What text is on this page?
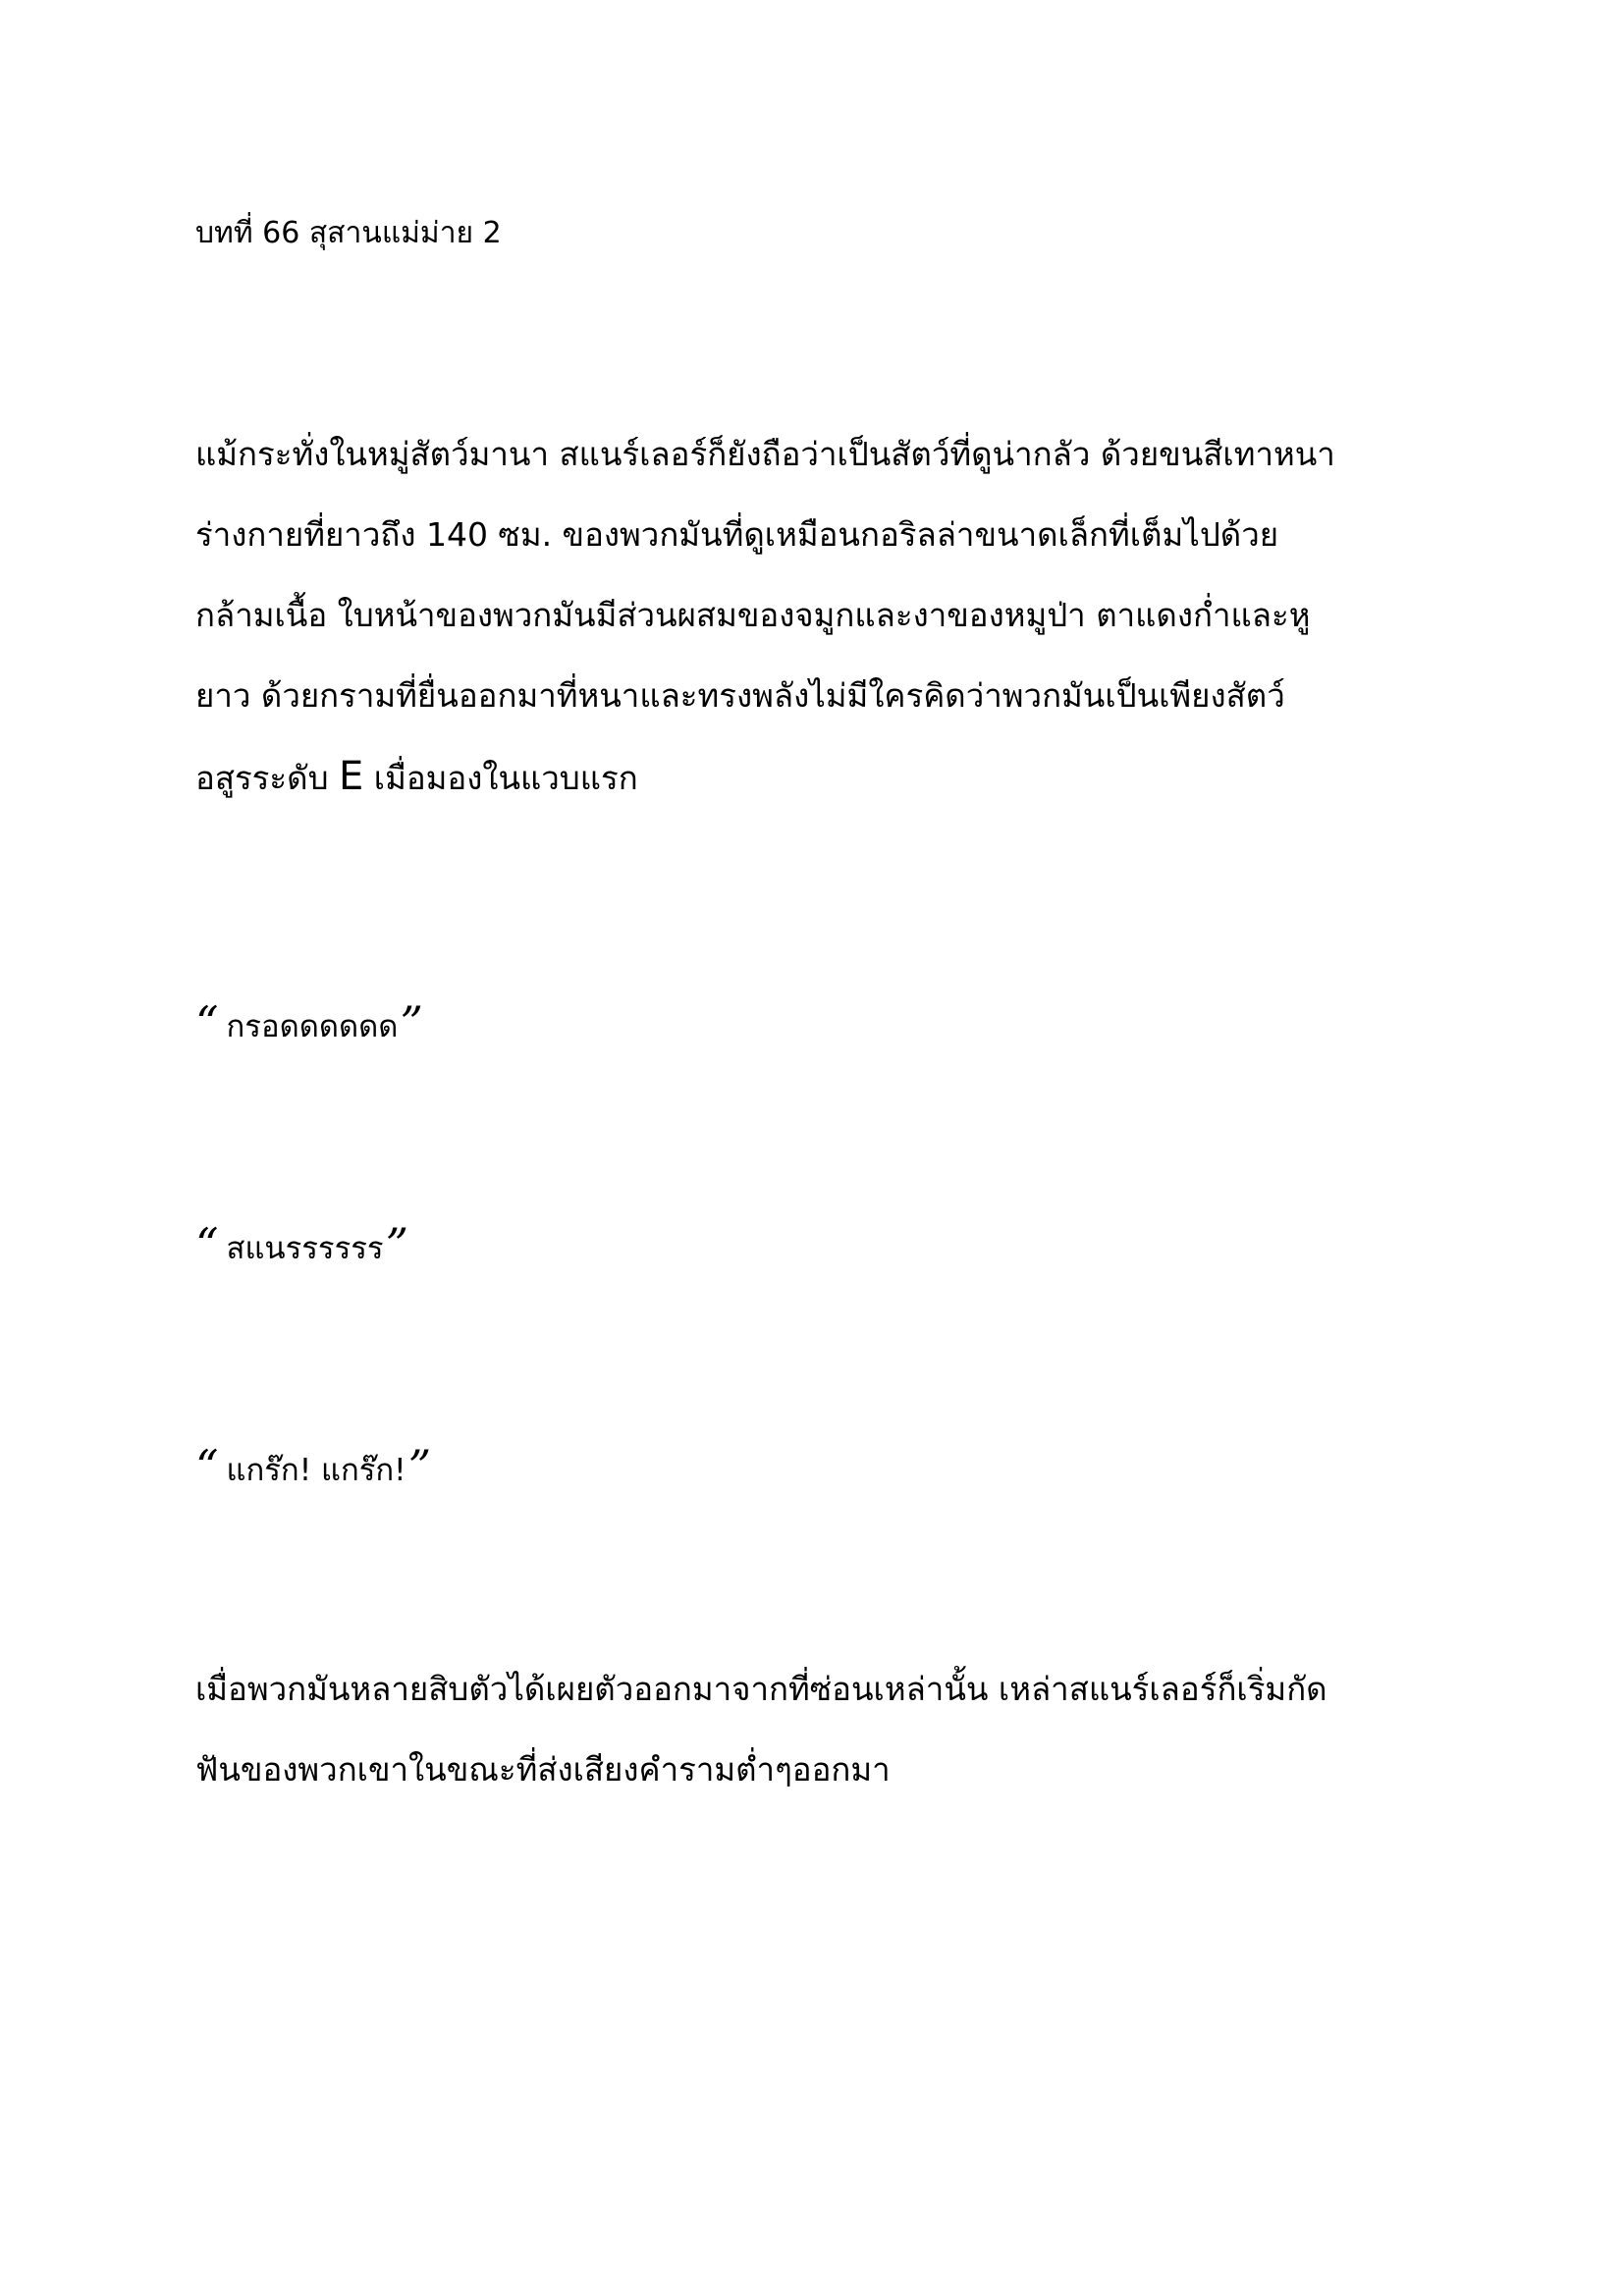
บทที่ 66 สุสานแม่ม่าย 2
แม้กระทั่งในหมู่สัตว์มานา สแนร์เลอร์ก็ยังถือว่าเป็นสัตว์ที่ดูน่ากลัว ด้วยขนสีเทาหนา
ร่างกายที่ยาวถึง 140 ซม. ของพวกมันที่ดูเหมือนกอริลล่าขนาดเล็กที่เต็มไปด้วย
กล้ามเนื้อ ใบหน้าของพวกมันมีส่วนผสมของจมูกและงาของหมูป่า ตาแดงก่ำและหู
ยาว ด้วยกรามที่ยื่นออกมาที่หนาและทรงพลังไม่มีใครคิดว่าพวกมันเป็นเพียงสัตว์
อสูรระดับ E เมื่อมองในแวบแรก
“ กรอดดดดดด”
“ สแนรรรรรร”
“ แกร๊ก! แกร๊ก!”
เมื่อพวกมันหลายสิบตัวได้เผยตัวออกมาจากที่ซ่อนเหล่านั้น เหล่าสแนร์เลอร์ก็เริ่มกัด
ฟันของพวกเขาในขณะที่ส่งเสียงคำรามต่ำๆออกมา
